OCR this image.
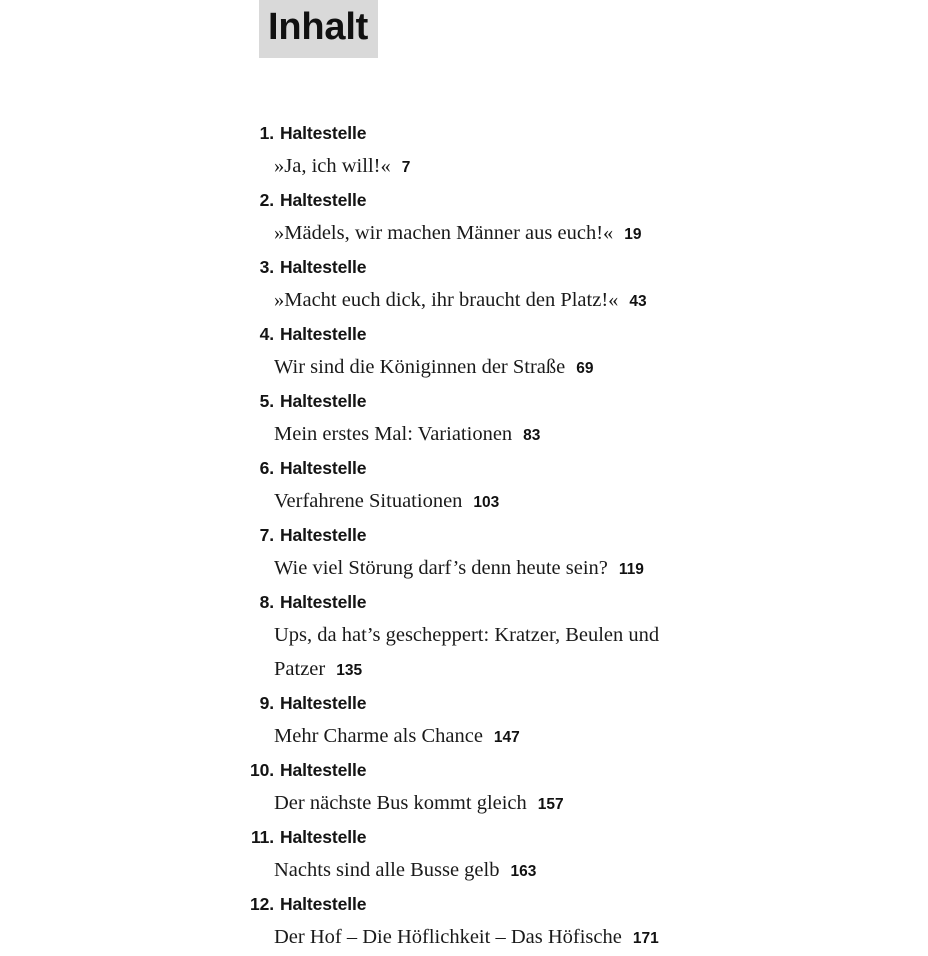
Inhalt
1. Haltestelle
»Ja, ich will!« 7
2. Haltestelle
»Mädels, wir machen Männer aus euch!« 19
3. Haltestelle
»Macht euch dick, ihr braucht den Platz!« 43
4. Haltestelle
Wir sind die Königinnen der Straße 69
5. Haltestelle
Mein erstes Mal: Variationen 83
6. Haltestelle
Verfahrene Situationen 103
7. Haltestelle
Wie viel Störung darf’s denn heute sein? 119
8. Haltestelle
Ups, da hat’s gescheppert: Kratzer, Beulen und Patzer 135
9. Haltestelle
Mehr Charme als Chance 147
10. Haltestelle
Der nächste Bus kommt gleich 157
11. Haltestelle
Nachts sind alle Busse gelb 163
12. Haltestelle
Der Hof – Die Höflichkeit – Das Höfische 171
